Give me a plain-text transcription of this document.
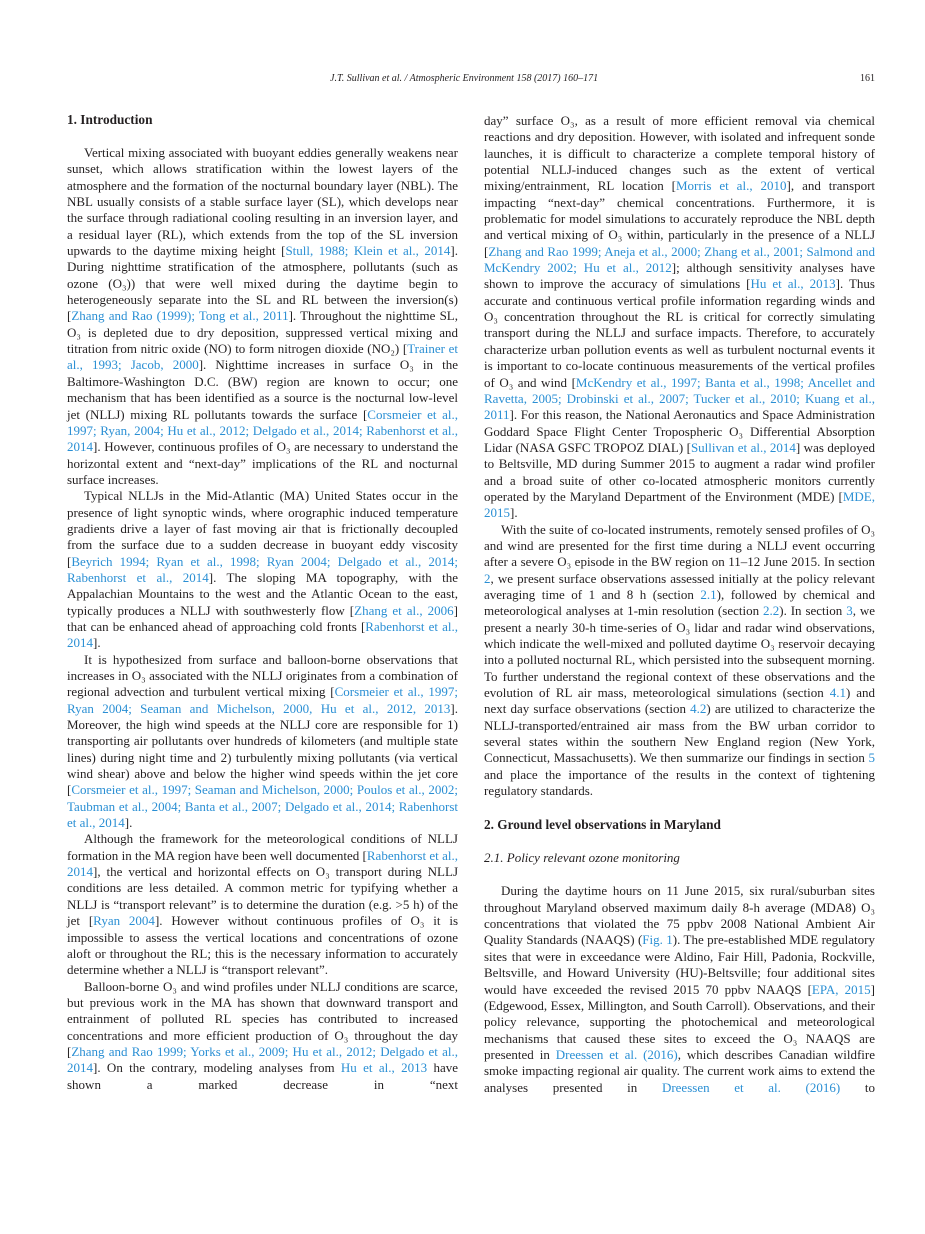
J.T. Sullivan et al. / Atmospheric Environment 158 (2017) 160–171	161
1. Introduction

Vertical mixing associated with buoyant eddies generally weakens near sunset, which allows stratification within the lowest layers of the atmosphere and the formation of the nocturnal boundary layer (NBL). The NBL usually consists of a stable surface layer (SL), which develops near the surface through radiational cooling resulting in an inversion layer, and a residual layer (RL), which extends from the top of the SL inversion upwards to the daytime mixing height [Stull, 1988; Klein et al., 2014]. During nighttime stratification of the atmosphere, pollutants (such as ozone (O₃)) that were well mixed during the daytime begin to heterogeneously separate into the SL and RL between the inversion(s) [Zhang and Rao (1999); Tong et al., 2011]. Throughout the nighttime SL, O₃ is depleted due to dry deposition, suppressed vertical mixing and titration from nitric oxide (NO) to form nitrogen dioxide (NO₂) [Trainer et al., 1993; Jacob, 2000]. Nighttime increases in surface O₃ in the Baltimore-Washington D.C. (BW) region are known to occur; one mechanism that has been identified as a source is the nocturnal low-level jet (NLLJ) mixing RL pollutants towards the surface [Corsmeier et al., 1997; Ryan, 2004; Hu et al., 2012; Delgado et al., 2014; Rabenhorst et al., 2014]. However, continuous profiles of O₃ are necessary to understand the horizontal extent and “next-day” implications of the RL and nocturnal surface increases.

Typical NLLJs in the Mid-Atlantic (MA) United States occur in the presence of light synoptic winds, where orographic induced temperature gradients drive a layer of fast moving air that is frictionally decoupled from the surface due to a sudden decrease in buoyant eddy viscosity [Beyrich 1994; Ryan et al., 1998; Ryan 2004; Delgado et al., 2014; Rabenhorst et al., 2014]. The sloping MA topography, with the Appalachian Mountains to the west and the Atlantic Ocean to the east, typically produces a NLLJ with southwesterly flow [Zhang et al., 2006] that can be enhanced ahead of approaching cold fronts [Rabenhorst et al., 2014].

It is hypothesized from surface and balloon-borne observations that increases in O₃ associated with the NLLJ originates from a combination of regional advection and turbulent vertical mixing [Corsmeier et al., 1997; Ryan 2004; Seaman and Michelson, 2000, Hu et al., 2012, 2013]. Moreover, the high wind speeds at the NLLJ core are responsible for 1) transporting air pollutants over hundreds of kilometers (and multiple state lines) during night time and 2) turbulently mixing pollutants (via vertical wind shear) above and below the higher wind speeds within the jet core [Corsmeier et al., 1997; Seaman and Michelson, 2000; Poulos et al., 2002; Taubman et al., 2004; Banta et al., 2007; Delgado et al., 2014; Rabenhorst et al., 2014].

Although the framework for the meteorological conditions of NLLJ formation in the MA region have been well documented [Rabenhorst et al., 2014], the vertical and horizontal effects on O₃ transport during NLLJ conditions are less detailed. A common metric for typifying whether a NLLJ is “transport relevant” is to determine the duration (e.g. >5 h) of the jet [Ryan 2004]. However without continuous profiles of O₃ it is impossible to assess the vertical locations and concentrations of ozone aloft or throughout the RL; this is the necessary information to accurately determine whether a NLLJ is “transport relevant”.

Balloon-borne O₃ and wind profiles under NLLJ conditions are scarce, but previous work in the MA has shown that downward transport and entrainment of polluted RL species has contributed to increased concentrations and more efficient production of O₃ throughout the day [Zhang and Rao 1999; Yorks et al., 2009; Hu et al., 2012; Delgado et al., 2014]. On the contrary, modeling analyses from Hu et al., 2013 have shown a marked decrease in “next

day” surface O₃, as a result of more efficient removal via chemical reactions and dry deposition. However, with isolated and infrequent sonde launches, it is difficult to characterize a complete temporal history of potential NLLJ-induced changes such as the extent of vertical mixing/entrainment, RL location [Morris et al., 2010], and transport impacting “next-day” chemical concentrations. Furthermore, it is problematic for model simulations to accurately reproduce the NBL depth and vertical mixing of O₃ within, particularly in the presence of a NLLJ [Zhang and Rao 1999; Aneja et al., 2000; Zhang et al., 2001; Salmond and McKendry 2002; Hu et al., 2012]; although sensitivity analyses have shown to improve the accuracy of simulations [Hu et al., 2013]. Thus accurate and continuous vertical profile information regarding winds and O₃ concentration throughout the RL is critical for correctly simulating transport during the NLLJ and surface impacts. Therefore, to accurately characterize urban pollution events as well as turbulent nocturnal events it is important to co-locate continuous measurements of the vertical profiles of O₃ and wind [McKendry et al., 1997; Banta et al., 1998; Ancellet and Ravetta, 2005; Drobinski et al., 2007; Tucker et al., 2010; Kuang et al., 2011]. For this reason, the National Aeronautics and Space Administration Goddard Space Flight Center Tropospheric O₃ Differential Absorption Lidar (NASA GSFC TROPOZ DIAL) [Sullivan et al., 2014] was deployed to Beltsville, MD during Summer 2015 to augment a radar wind profiler and a broad suite of other co-located atmospheric monitors currently operated by the Maryland Department of the Environment (MDE) [MDE, 2015].

With the suite of co-located instruments, remotely sensed profiles of O₃ and wind are presented for the first time during a NLLJ event occurring after a severe O₃ episode in the BW region on 11–12 June 2015. In section 2, we present surface observations assessed initially at the policy relevant averaging time of 1 and 8 h (section 2.1), followed by chemical and meteorological analyses at 1-min resolution (section 2.2). In section 3, we present a nearly 30-h time-series of O₃ lidar and radar wind observations, which indicate the well-mixed and polluted daytime O₃ reservoir decaying into a polluted nocturnal RL, which persisted into the subsequent morning. To further understand the regional context of these observations and the evolution of RL air mass, meteorological simulations (section 4.1) and next day surface observations (section 4.2) are utilized to characterize the NLLJ-transported/entrained air mass from the BW urban corridor to several states within the southern New England region (New York, Connecticut, Massachusetts). We then summarize our findings in section 5 and place the importance of the results in the context of tightening regulatory standards.

2. Ground level observations in Maryland
2.1. Policy relevant ozone monitoring

During the daytime hours on 11 June 2015, six rural/suburban sites throughout Maryland observed maximum daily 8-h average (MDA8) O₃ concentrations that violated the 75 ppbv 2008 National Ambient Air Quality Standards (NAAQS) (Fig. 1). The pre-established MDE regulatory sites that were in exceedance were Aldino, Fair Hill, Padonia, Rockville, Beltsville, and Howard University (HU)-Beltsville; four additional sites would have exceeded the revised 2015 70 ppbv NAAQS [EPA, 2015] (Edgewood, Essex, Millington, and South Carroll). Observations, and their policy relevance, supporting the photochemical and meteorological mechanisms that caused these sites to exceed the O₃ NAAQS are presented in Dreessen et al. (2016), which describes Canadian wildfire smoke impacting regional air quality. The current work aims to extend the analyses presented in Dreessen et al. (2016) to
